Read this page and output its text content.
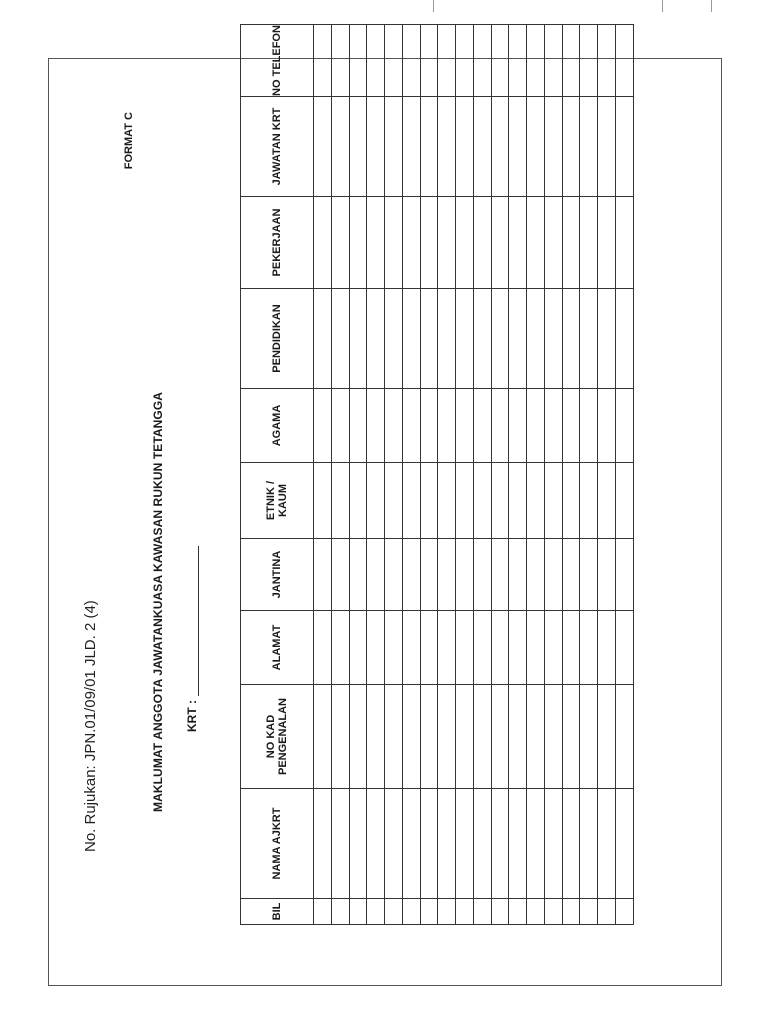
No. Rujukan: JPN.01/09/01 JLD. 2 (4)
FORMAT C
MAKLUMAT ANGGOTA JAWATANKUASA KAWASAN RUKUN TETANGGA KRT :
BIL	NAMA AJKRT	NO KAD PENGENALAN	ALAMAT	JANTINA	ETNIK / KAUM	AGAMA	PENDIDIKAN	PEKERJAAN	JAWATAN KRT	NO TELEFON
